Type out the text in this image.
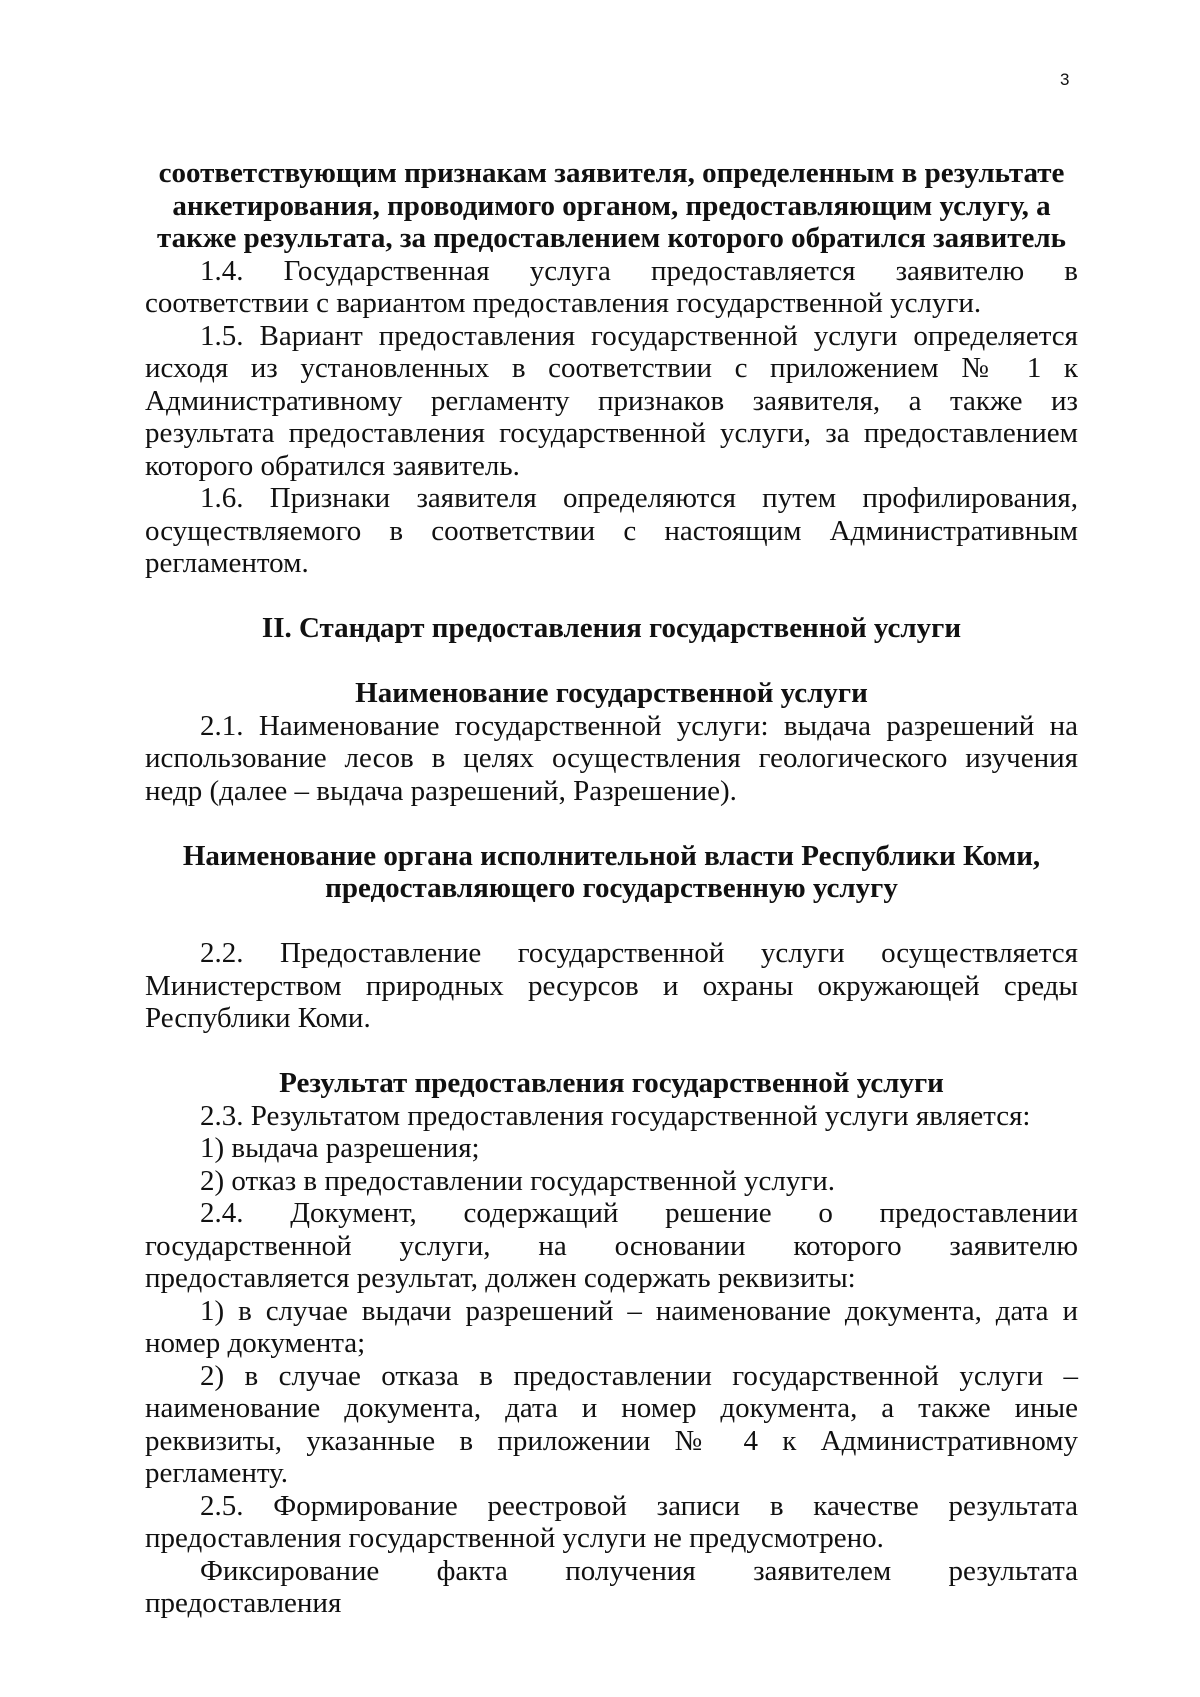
3

соответствующим признакам заявителя, определенным в результате анкетирования, проводимого органом, предоставляющим услугу, а также результата, за предоставлением которого обратился заявитель

1.4. Государственная услуга предоставляется заявителю в соответствии с вариантом предоставления государственной услуги.

1.5. Вариант предоставления государственной услуги определяется исходя из установленных в соответствии с приложением № 1 к Административному регламенту признаков заявителя, а также из результата предоставления государственной услуги, за предоставлением которого обратился заявитель.

1.6. Признаки заявителя определяются путем профилирования, осуществляемого в соответствии с настоящим Административным регламентом.

II. Стандарт предоставления государственной услуги

Наименование государственной услуги

2.1. Наименование государственной услуги: выдача разрешений на использование лесов в целях осуществления геологического изучения недр (далее – выдача разрешений, Разрешение).

Наименование органа исполнительной власти Республики Коми,

предоставляющего государственную услугу

2.2. Предоставление государственной услуги осуществляется Министерством природных ресурсов и охраны окружающей среды Республики Коми.

Результат предоставления государственной услуги

2.3. Результатом предоставления государственной услуги является:

1) выдача разрешения;

2) отказ в предоставлении государственной услуги.

2.4. Документ, содержащий решение о предоставлении государственной услуги, на основании которого заявителю предоставляется результат, должен содержать реквизиты:

1) в случае выдачи разрешений – наименование документа, дата и номер документа;

2) в случае отказа в предоставлении государственной услуги – наименование документа, дата и номер документа, а также иные реквизиты, указанные в приложении № 4 к Административному регламенту.

2.5. Формирование реестровой записи в качестве результата предоставления государственной услуги не предусмотрено.

Фиксирование факта получения заявителем результата предоставления
